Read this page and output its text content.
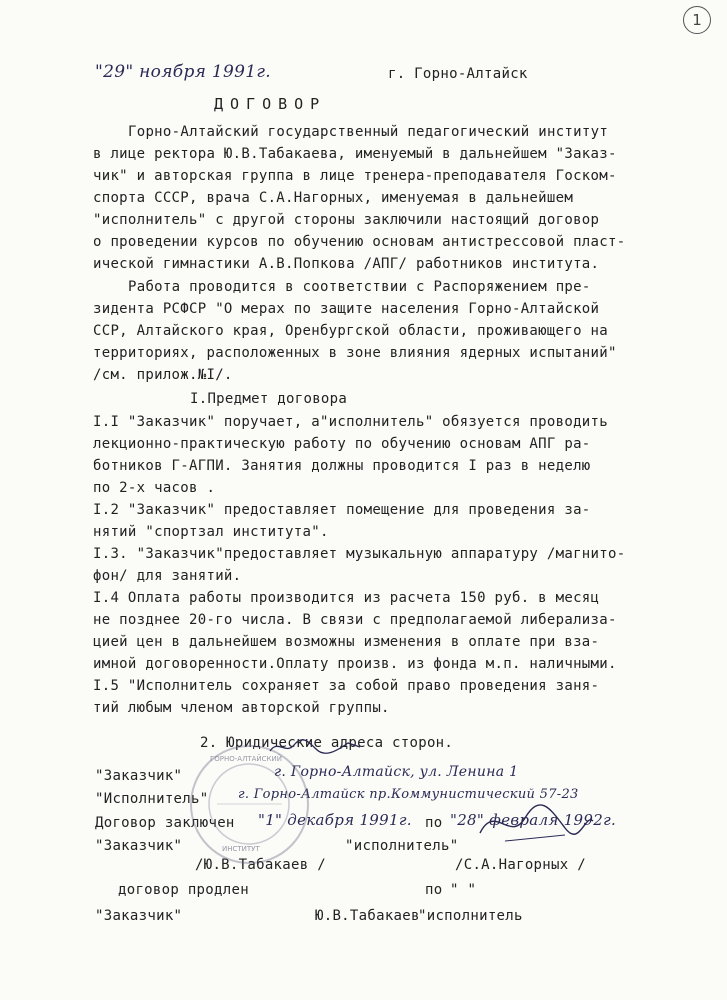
1
"29" ноября 1991г.	г. Горно-Алтайск
ДОГОВОР
Горно-Алтайский государственный педагогический институт
в лице ректора Ю.В.Табакаева, именуемый в дальнейшем "Заказ-
чик" и авторская группа в лице тренера-преподавателя Госком-
спорта СССР, врача С.А.Нагорных, именуемая в дальнейшем
"исполнитель" с другой стороны заключили настоящий договор
о проведении курсов по обучению основам антистрессовой пласт-
ической гимнастики А.В.Попкова /АПГ/ работников института.
Работа проводится в соответствии с Распоряжением пре-
зидента РСФСР "О мерах по защите населения Горно-Алтайской
ССР, Алтайского края, Оренбургской области, проживающего на
территориях, расположенных в зоне влияния ядерных испытаний"
/см. прилож.№I/.
I.Предмет договора
I.I "Заказчик" поручает, а"исполнитель" обязуется проводить
лекционно-практическую работу по обучению основам АПГ ра-
ботников Г-АГПИ. Занятия должны проводится I раз в неделю
по 2-х часов .
I.2 "Заказчик" предоставляет помещение для проведения за-
нятий "спортзал института".
I.3. "Заказчик"предоставляет музыкальную аппаратуру /магнито-
фон/ для занятий.
I.4 Оплата работы производится из расчета 150 руб. в месяц
не позднее 20-го числа. В связи с предполагаемой либерализа-
цией цен в дальнейшем возможны изменения в оплате при вза-
имной договоренности.Оплату произв. из фонда м.п. наличными.
I.5 "Исполнитель сохраняет за собой право проведения заня-
тий любым членом авторской группы.
2. Юридические адреса сторон.
"Заказчик"	г. Горно-Алтайск, ул. Ленина 1
"Исполнитель" г. Горно-Алтайск пр.Коммунистический 57-23
Договор заключен "1" декабря 1991г. по "28" февраля 1992г.
"Заказчик"	"исполнитель"
/Ю.В.Табакаев /	/С.А.Нагорных /
договор продлен	по " "
"Заказчик"	Ю.В.Табакаев
"исполнитель
ГОРНО-АЛТАЙСКИЙ
ИНСТИТУТ
